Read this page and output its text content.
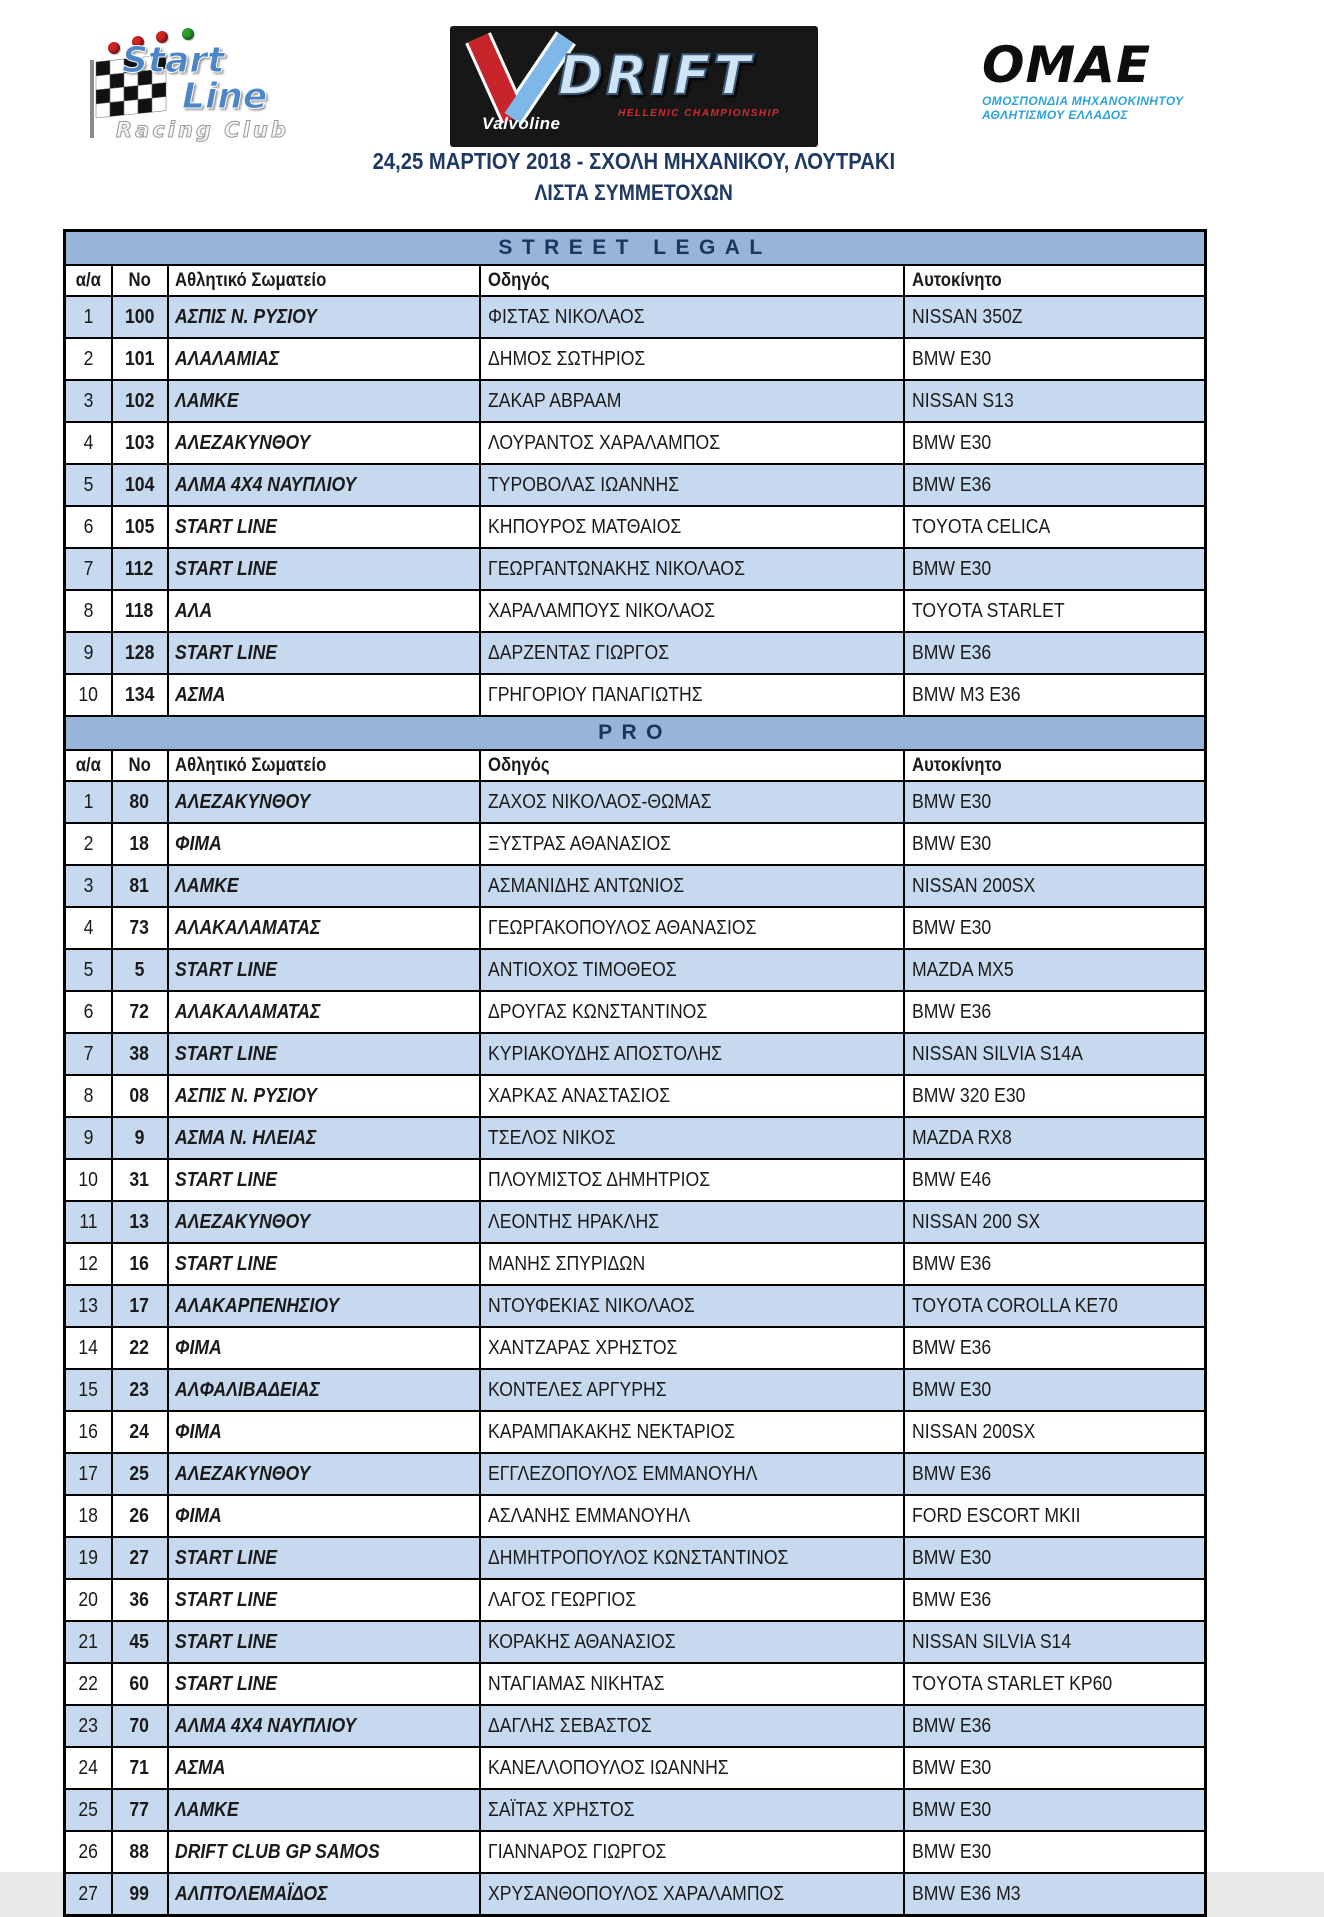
Start
Line
Racing Club	Valvoline
DRIFT
HELLENIC CHAMPIONSHIP
OMAE
ΟΜΟΣΠΟΝΔΙΑ ΜΗΧΑΝΟΚΙΝΗΤΟΥ
ΑΘΛΗΤΙΣΜΟΥ ΕΛΛΑΔΟΣ
24,25 ΜΑΡΤΙΟΥ 2018 - ΣΧΟΛΗ ΜΗΧΑΝΙΚΟΥ, ΛΟΥΤΡΑΚΙ
ΛΙΣΤΑ ΣΥΜΜΕΤΟΧΩΝ
STREET LEGAL				
α/α	No	Αθλητικό Σωματείο	Οδηγός	Αυτοκίνητο
1	100	ΑΣΠΙΣ Ν. ΡΥΣΙΟΥ	ΦΙΣΤΑΣ ΝΙΚΟΛΑΟΣ	NISSAN 350Z
2	101	ΑΛΑΛΑΜΙΑΣ	ΔΗΜΟΣ ΣΩΤΗΡΙΟΣ	BMW E30
3	102	ΛΑΜΚΕ	ΖΑΚΑΡ ΑΒΡΑΑΜ	NISSAN S13
4	103	ΑΛΕΖΑΚΥΝΘΟΥ	ΛΟΥΡΑΝΤΟΣ ΧΑΡΑΛΑΜΠΟΣ	BMW E30
5	104	ΑΛΜΑ 4Χ4 ΝΑΥΠΛΙΟΥ	ΤΥΡΟΒΟΛΑΣ ΙΩΑΝΝΗΣ	BMW E36
6	105	START LINE	ΚΗΠΟΥΡΟΣ ΜΑΤΘΑΙΟΣ	TOYOTA CELICA
7	112	START LINE	ΓΕΩΡΓΑΝΤΩΝΑΚΗΣ ΝΙΚΟΛΑΟΣ	BMW E30
8	118	ΑΛΑ	ΧΑΡΑΛΑΜΠΟΥΣ ΝΙΚΟΛΑΟΣ	TOYOTA STARLET
9	128	START LINE	ΔΑΡΖΕΝΤΑΣ ΓΙΩΡΓΟΣ	BMW E36
10	134	ΑΣΜΑ	ΓΡΗΓΟΡΙΟΥ ΠΑΝΑΓΙΩΤΗΣ	BMW M3 E36
PRO				
α/α	No	Αθλητικό Σωματείο	Οδηγός	Αυτοκίνητο
1	80	ΑΛΕΖΑΚΥΝΘΟΥ	ΖΑΧΟΣ ΝΙΚΟΛΑΟΣ-ΘΩΜΑΣ	BMW E30
2	18	ΦΙΜΑ	ΞΥΣΤΡΑΣ ΑΘΑΝΑΣΙΟΣ	BMW E30
3	81	ΛΑΜΚΕ	ΑΣΜΑΝΙΔΗΣ ΑΝΤΩΝΙΟΣ	NISSAN 200SX
4	73	ΑΛΑΚΑΛΑΜΑΤΑΣ	ΓΕΩΡΓΑΚΟΠΟΥΛΟΣ ΑΘΑΝΑΣΙΟΣ	BMW E30
5	5	START LINE	ΑΝΤΙΟΧΟΣ ΤΙΜΟΘΕΟΣ	MAZDA MX5
6	72	ΑΛΑΚΑΛΑΜΑΤΑΣ	ΔΡΟΥΓΑΣ ΚΩΝΣΤΑΝΤΙΝΟΣ	BMW E36
7	38	START LINE	ΚΥΡΙΑΚΟΥΔΗΣ ΑΠΟΣΤΟΛΗΣ	NISSAN SILVIA S14A
8	08	ΑΣΠΙΣ Ν. ΡΥΣΙΟΥ	ΧΑΡΚΑΣ ΑΝΑΣΤΑΣΙΟΣ	BMW 320 E30
9	9	ΑΣΜΑ Ν. ΗΛΕΙΑΣ	ΤΣΕΛΟΣ ΝΙΚΟΣ	MAZDA RX8
10	31	START LINE	ΠΛΟΥΜΙΣΤΟΣ ΔΗΜΗΤΡΙΟΣ	BMW E46
11	13	ΑΛΕΖΑΚΥΝΘΟΥ	ΛΕΟΝΤΗΣ ΗΡΑΚΛΗΣ	NISSAN 200 SX
12	16	START LINE	ΜΑΝΗΣ ΣΠΥΡΙΔΩΝ	BMW E36
13	17	ΑΛΑΚΑΡΠΕΝΗΣΙΟΥ	ΝΤΟΥΦΕΚΙΑΣ ΝΙΚΟΛΑΟΣ	TOYOTA COROLLA KE70
14	22	ΦΙΜΑ	ΧΑΝΤΖΑΡΑΣ ΧΡΗΣΤΟΣ	BMW E36
15	23	ΑΛΦΑΛΙΒΑΔΕΙΑΣ	ΚΟΝΤΕΛΕΣ ΑΡΓΥΡΗΣ	BMW E30
16	24	ΦΙΜΑ	ΚΑΡΑΜΠΑΚΑΚΗΣ ΝΕΚΤΑΡΙΟΣ	NISSAN 200SX
17	25	ΑΛΕΖΑΚΥΝΘΟΥ	ΕΓΓΛΕΖΟΠΟΥΛΟΣ ΕΜΜΑΝΟΥΗΛ	BMW E36
18	26	ΦΙΜΑ	ΑΣΛΑΝΗΣ ΕΜΜΑΝΟΥΗΛ	FORD ESCORT MKII
19	27	START LINE	ΔΗΜΗΤΡΟΠΟΥΛΟΣ ΚΩΝΣΤΑΝΤΙΝΟΣ	BMW E30
20	36	START LINE	ΛΑΓΟΣ ΓΕΩΡΓΙΟΣ	BMW E36
21	45	START LINE	ΚΟΡΑΚΗΣ ΑΘΑΝΑΣΙΟΣ	NISSAN SILVIA S14
22	60	START LINE	ΝΤΑΓΙΑΜΑΣ ΝΙΚΗΤΑΣ	TOYOTA STARLET KP60
23	70	ΑΛΜΑ 4Χ4 ΝΑΥΠΛΙΟΥ	ΔΑΓΛΗΣ ΣΕΒΑΣΤΟΣ	BMW E36
24	71	ΑΣΜΑ	ΚΑΝΕΛΛΟΠΟΥΛΟΣ ΙΩΑΝΝΗΣ	BMW E30
25	77	ΛΑΜΚΕ	ΣΑΪΤΑΣ ΧΡΗΣΤΟΣ	BMW E30
26	88	DRIFT CLUB GP SAMOS	ΓΙΑΝΝΑΡΟΣ ΓΙΩΡΓΟΣ	BMW E30
27	99	ΑΛΠΤΟΛΕΜΑΪΔΟΣ	ΧΡΥΣΑΝΘΟΠΟΥΛΟΣ ΧΑΡΑΛΑΜΠΟΣ	BMW E36 M3
